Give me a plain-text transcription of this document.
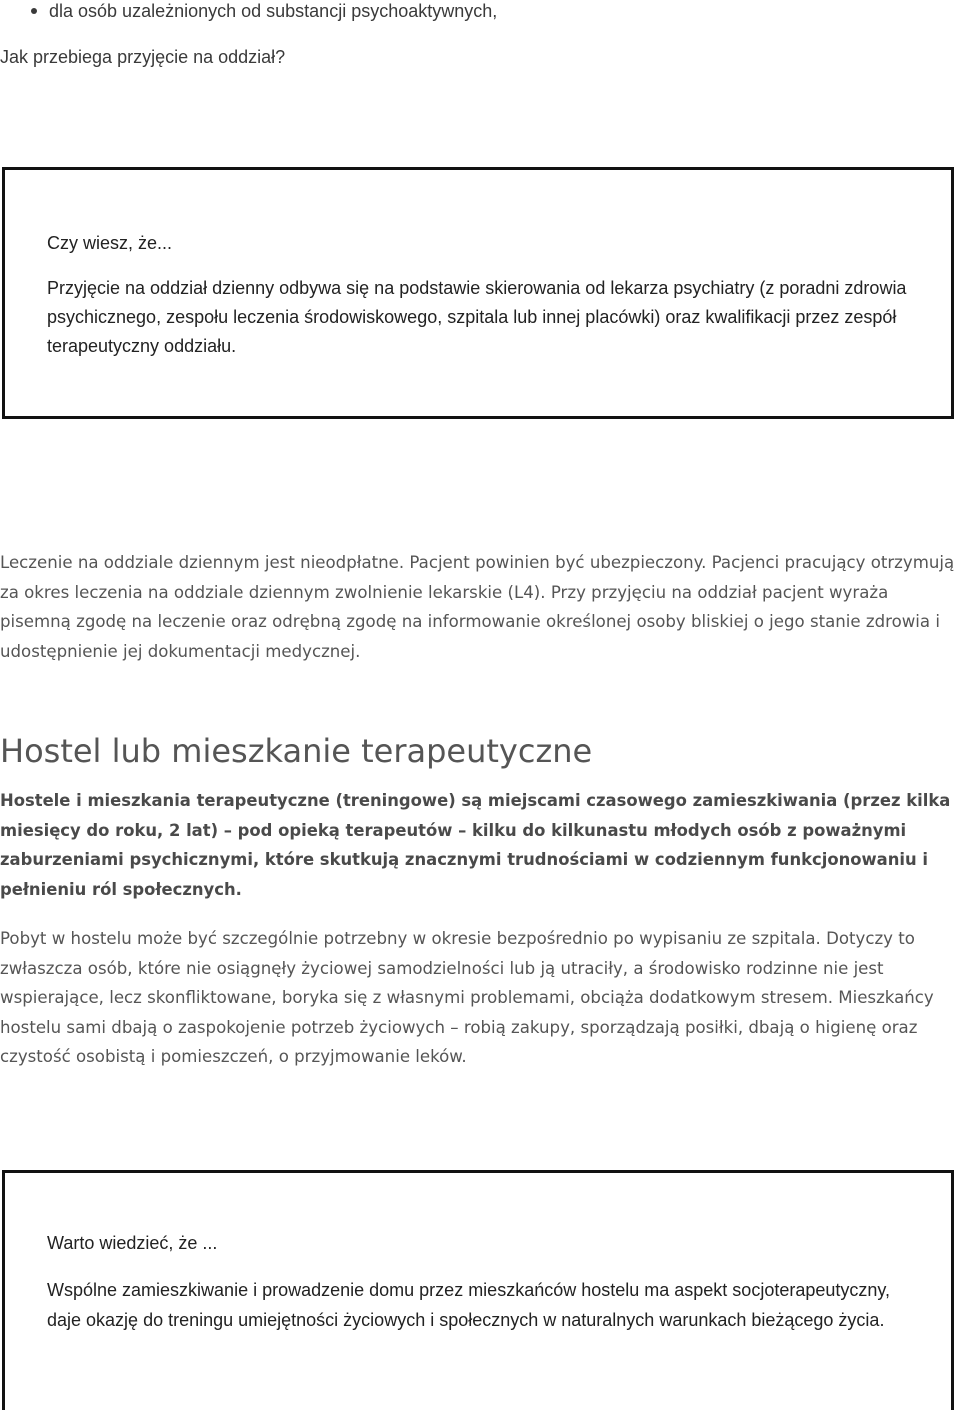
dla osób uzależnionych od substancji psychoaktywnych,

Jak przebiega przyjęcie na oddział?

Czy wiesz, że...

Przyjęcie na oddział dzienny odbywa się na podstawie skierowania od lekarza psychiatry (z poradni zdrowia psychicznego, zespołu leczenia środowiskowego, szpitala lub innej placówki) oraz kwalifikacji przez zespół terapeutyczny oddziału.

Leczenie na oddziale dziennym jest nieodpłatne. Pacjent powinien być ubezpieczony. Pacjenci pracujący otrzymują za okres leczenia na oddziale dziennym zwolnienie lekarskie (L4). Przy przyjęciu na oddział pacjent wyraża pisemną zgodę na leczenie oraz odrębną zgodę na informowanie określonej osoby bliskiej o jego stanie zdrowia i udostępnienie jej dokumentacji medycznej.

Hostel lub mieszkanie terapeutyczne

Hostele i mieszkania terapeutyczne (treningowe) są miejscami czasowego zamieszkiwania (przez kilka miesięcy do roku, 2 lat) – pod opieką terapeutów – kilku do kilkunastu młodych osób z poważnymi zaburzeniami psychicznymi, które skutkują znacznymi trudnościami w codziennym funkcjonowaniu i pełnieniu ról społecznych.

Pobyt w hostelu może być szczególnie potrzebny w okresie bezpośrednio po wypisaniu ze szpitala. Dotyczy to zwłaszcza osób, które nie osiągnęły życiowej samodzielności lub ją utraciły, a środowisko rodzinne nie jest wspierające, lecz skonfliktowane, boryka się z własnymi problemami, obciąża dodatkowym stresem. Mieszkańcy hostelu sami dbają o zaspokojenie potrzeb życiowych – robią zakupy, sporządzają posiłki, dbają o higienę oraz czystość osobistą i pomieszczeń, o przyjmowanie leków.

Warto wiedzieć, że ...

Wspólne zamieszkiwanie i prowadzenie domu przez mieszkańców hostelu ma aspekt socjoterapeutyczny, daje okazję do treningu umiejętności życiowych i społecznych w naturalnych warunkach bieżącego życia.
